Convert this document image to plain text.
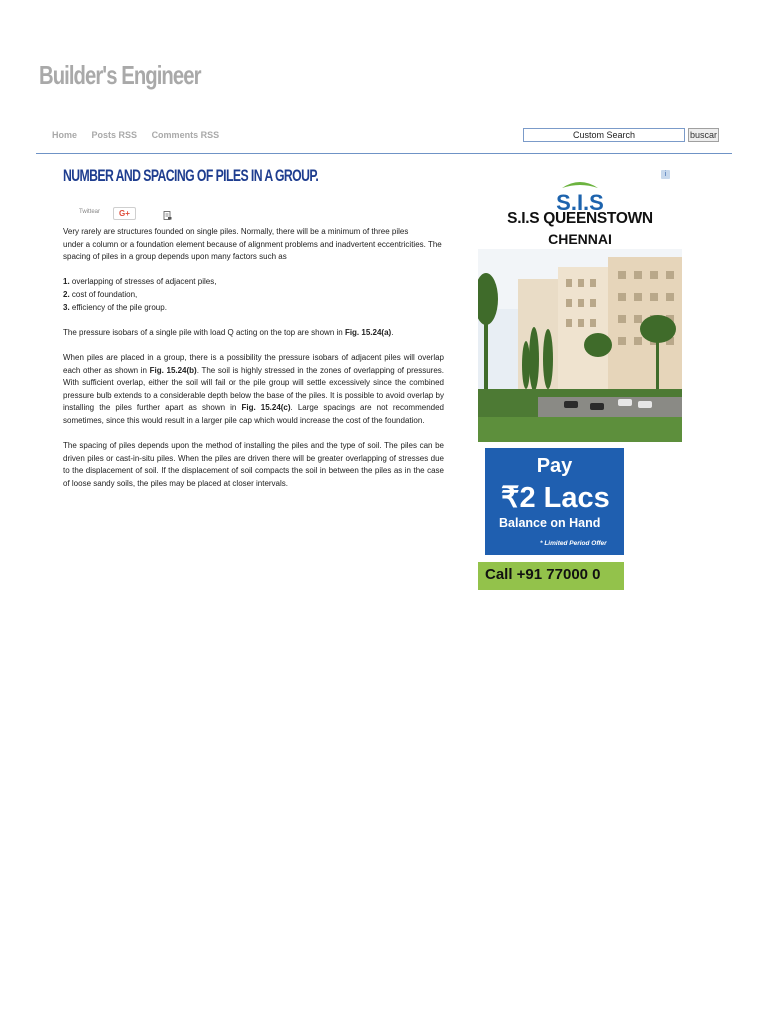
Builder's Engineer
Home Posts RSS Comments RSS
Custom Search	buscar
NUMBER AND SPACING OF PILES IN A GROUP.
Twittear	G+

Very rarely are structures founded on single piles. Normally, there will be a minimum of three piles
under a column or a foundation element because of alignment problems and inadvertent eccentricities. The spacing of piles in a group depends upon many factors such as

1. overlapping of stresses of adjacent piles,
2. cost of foundation,
3. efficiency of the pile group.

The pressure isobars of a single pile with load Q acting on the top are shown in Fig. 15.24(a).

When piles are placed in a group, there is a possibility the pressure isobars of adjacent piles will overlap each other as shown in Fig. 15.24(b). The soil is highly stressed in the zones of overlapping of pressures. With sufficient overlap, either the soil will fail or the pile group will settle excessively since the combined pressure bulb extends to a considerable depth below the base of the piles. It is possible to avoid overlap by installing the piles further apart as shown in Fig. 15.24(c). Large spacings are not recommended sometimes, since this would result in a larger pile cap which would increase the cost of the foundation.

The spacing of piles depends upon the method of installing the piles and the type of soil. The piles can be driven piles or cast-in-situ piles. When the piles are driven there will be greater overlapping of stresses due to the displacement of soil. If the displacement of soil compacts the soil in between the piles as in the case of loose sandy soils, the piles may be placed at closer intervals.

i
S.I.S
S.I.S QUEENSTOWN
CHENNAI
Pay
₹2 Lacs
Balance on Hand
* Limited Period Offer
Call +91 77000 0
